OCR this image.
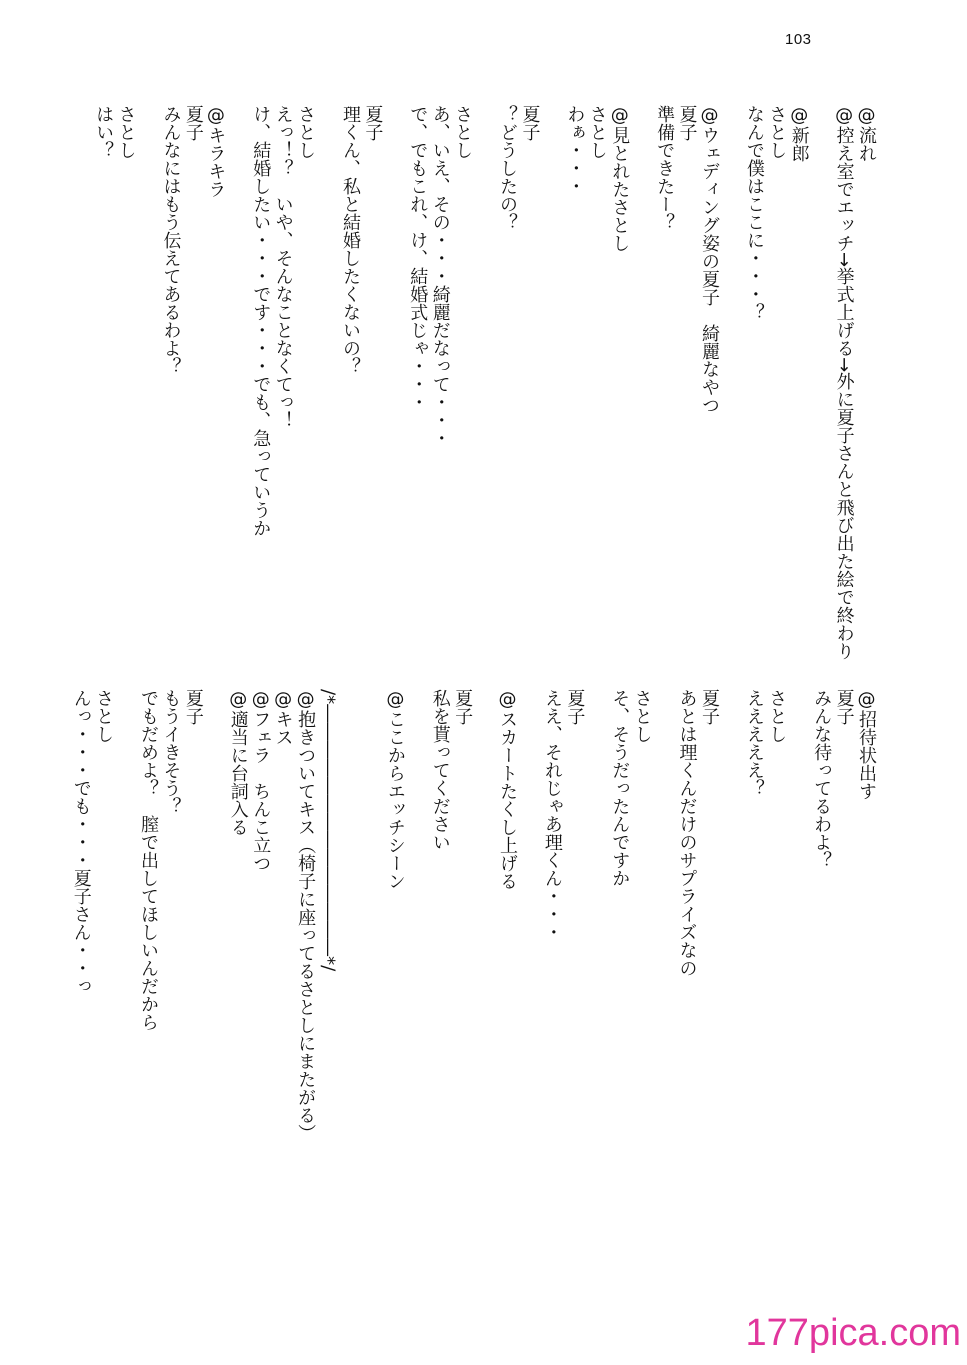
103
@流れ
@控え室でエッチ→挙式上げる→外に夏子さんと飛び出た絵で終わり
@新郎
さとし
なんで僕はここに・・・？
@ウェディング姿の夏子　綺麗なやつ
夏子
準備できたー？
@見とれたさとし
さとし
わぁ・・・
夏子
？どうしたの？
さとし
あ、いえ、その・・・綺麗だなって・・・
で、でもこれ、け、結婚式じゃ・・・
夏子
理くん、私と結婚したくないの？
さとし
えっ！？　いや、そんなことなくてっ！
け、結婚したい・・・です・・・でも、急っていうか
@キラキラ
夏子
みんなにはもう伝えてあるわよ？
さとし
はい？
@招待状出す
夏子
みんな待ってるわよ？
さとし
えええええ？
夏子
あとは理くんだけのサプライズなの
さとし
そ、そうだったんですか
夏子
ええ、それじゃあ理くん・・・
@スカートたくし上げる
夏子
私を貰ってください
@ここからエッチシーン
/*――――――――――――――*/
@抱きついてキス（椅子に座ってるさとしにまたがる）
@キス
@フェラ　ちんこ立つ
@適当に台詞入る
夏子
もうイきそう？
でもだめよ？　膣で出してほしいんだから
さとし
んっ・・・でも・・・夏子さん・・っ
177pica.com
